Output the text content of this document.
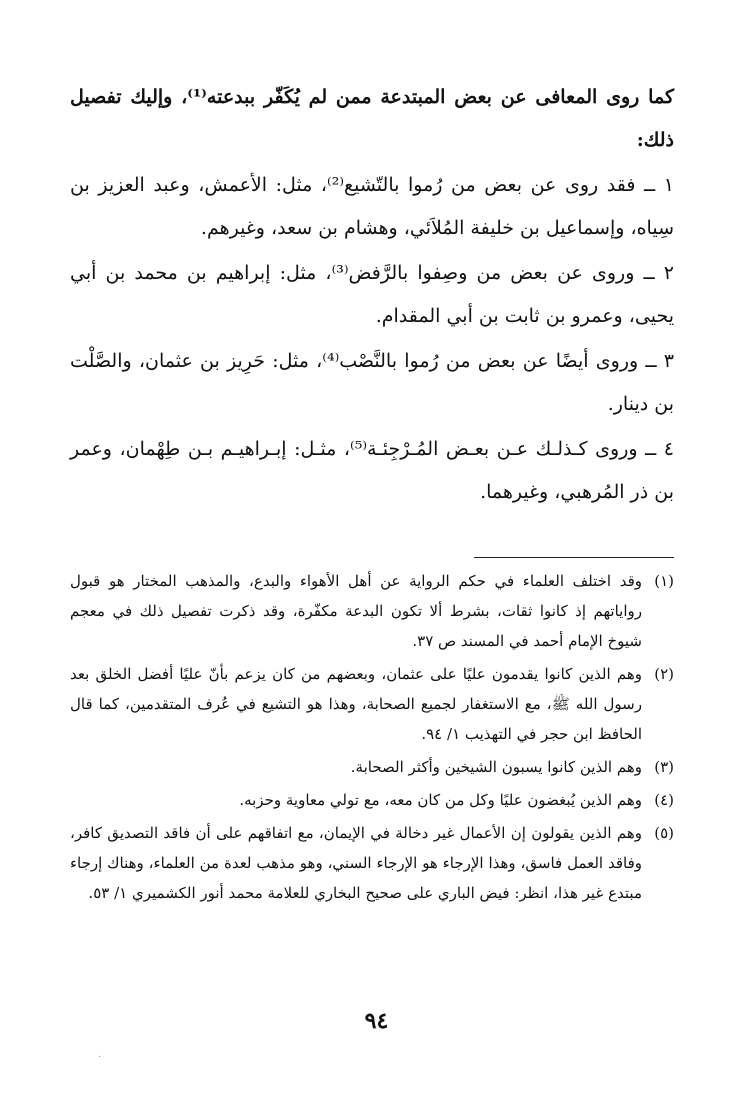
كما روى المعافى عن بعض المبتدعة ممن لم يُكَفّر ببدعته⁽¹⁾، وإليك تفصيل ذلك:

١ ــ فقد روى عن بعض من رُموا بالتّشيع⁽²⁾، مثل: الأعمش، وعبد العزيز بن سِياه، وإسماعيل بن خليفة المُلاَئي، وهشام بن سعد، وغيرهم.

٢ ــ وروى عن بعض من وصِفوا بالرَّفض⁽³⁾، مثل: إبراهيم بن محمد بن أبي يحيى، وعمرو بن ثابت بن أبي المقدام.

٣ ــ وروى أيضًا عن بعض من رُموا بالنَّصْب⁽⁴⁾، مثل: حَرِيز بن عثمان، والصَّلْت بن دينار.

٤ ــ وروى كـذلـك عـن بعـض المُـرْجِئـة⁽⁵⁾، مثـل: إبـراهيـم بـن طِهْمان، وعمر بن ذر المُرهبي، وغيرهما.

(١)
وقد اختلف العلماء في حكم الرواية عن أهل الأهواء والبدع، والمذهب المختار هو قبول رواياتهم إذ كانوا ثقات، بشرط ألا تكون البدعة مكفّرة، وقد ذكرت تفصيل ذلك في معجم شيوخ الإمام أحمد في المسند ص ٣٧.
(٢)
وهم الذين كانوا يقدمون عليًا على عثمان، وبعضهم من كان يزعم بأنّ عليًا أفضل الخلق بعد رسول الله ﷺ، مع الاستغفار لجميع الصحابة، وهذا هو التشيع في عُرف المتقدمين، كما قال الحافظ ابن حجر في التهذيب ١/ ٩٤.
(٣)
وهم الذين كانوا يسبون الشيخين وأكثر الصحابة.
(٤)
وهم الذين يُبغضون عليًا وكل من كان معه، مع تولي معاوية وحزبه.
(٥)
وهم الذين يقولون إن الأعمال غير دخالة في الإيمان، مع اتفاقهم على أن فاقد التصديق كافر، وفاقد العمل فاسق، وهذا الإرجاء هو الإرجاء السني، وهو مذهب لعدة من العلماء، وهناك إرجاء مبتدع غير هذا، انظر: فيض الباري على صحيح البخاري للعلامة محمد أنور الكشميري ١/ ٥٣.
٩٤
·
